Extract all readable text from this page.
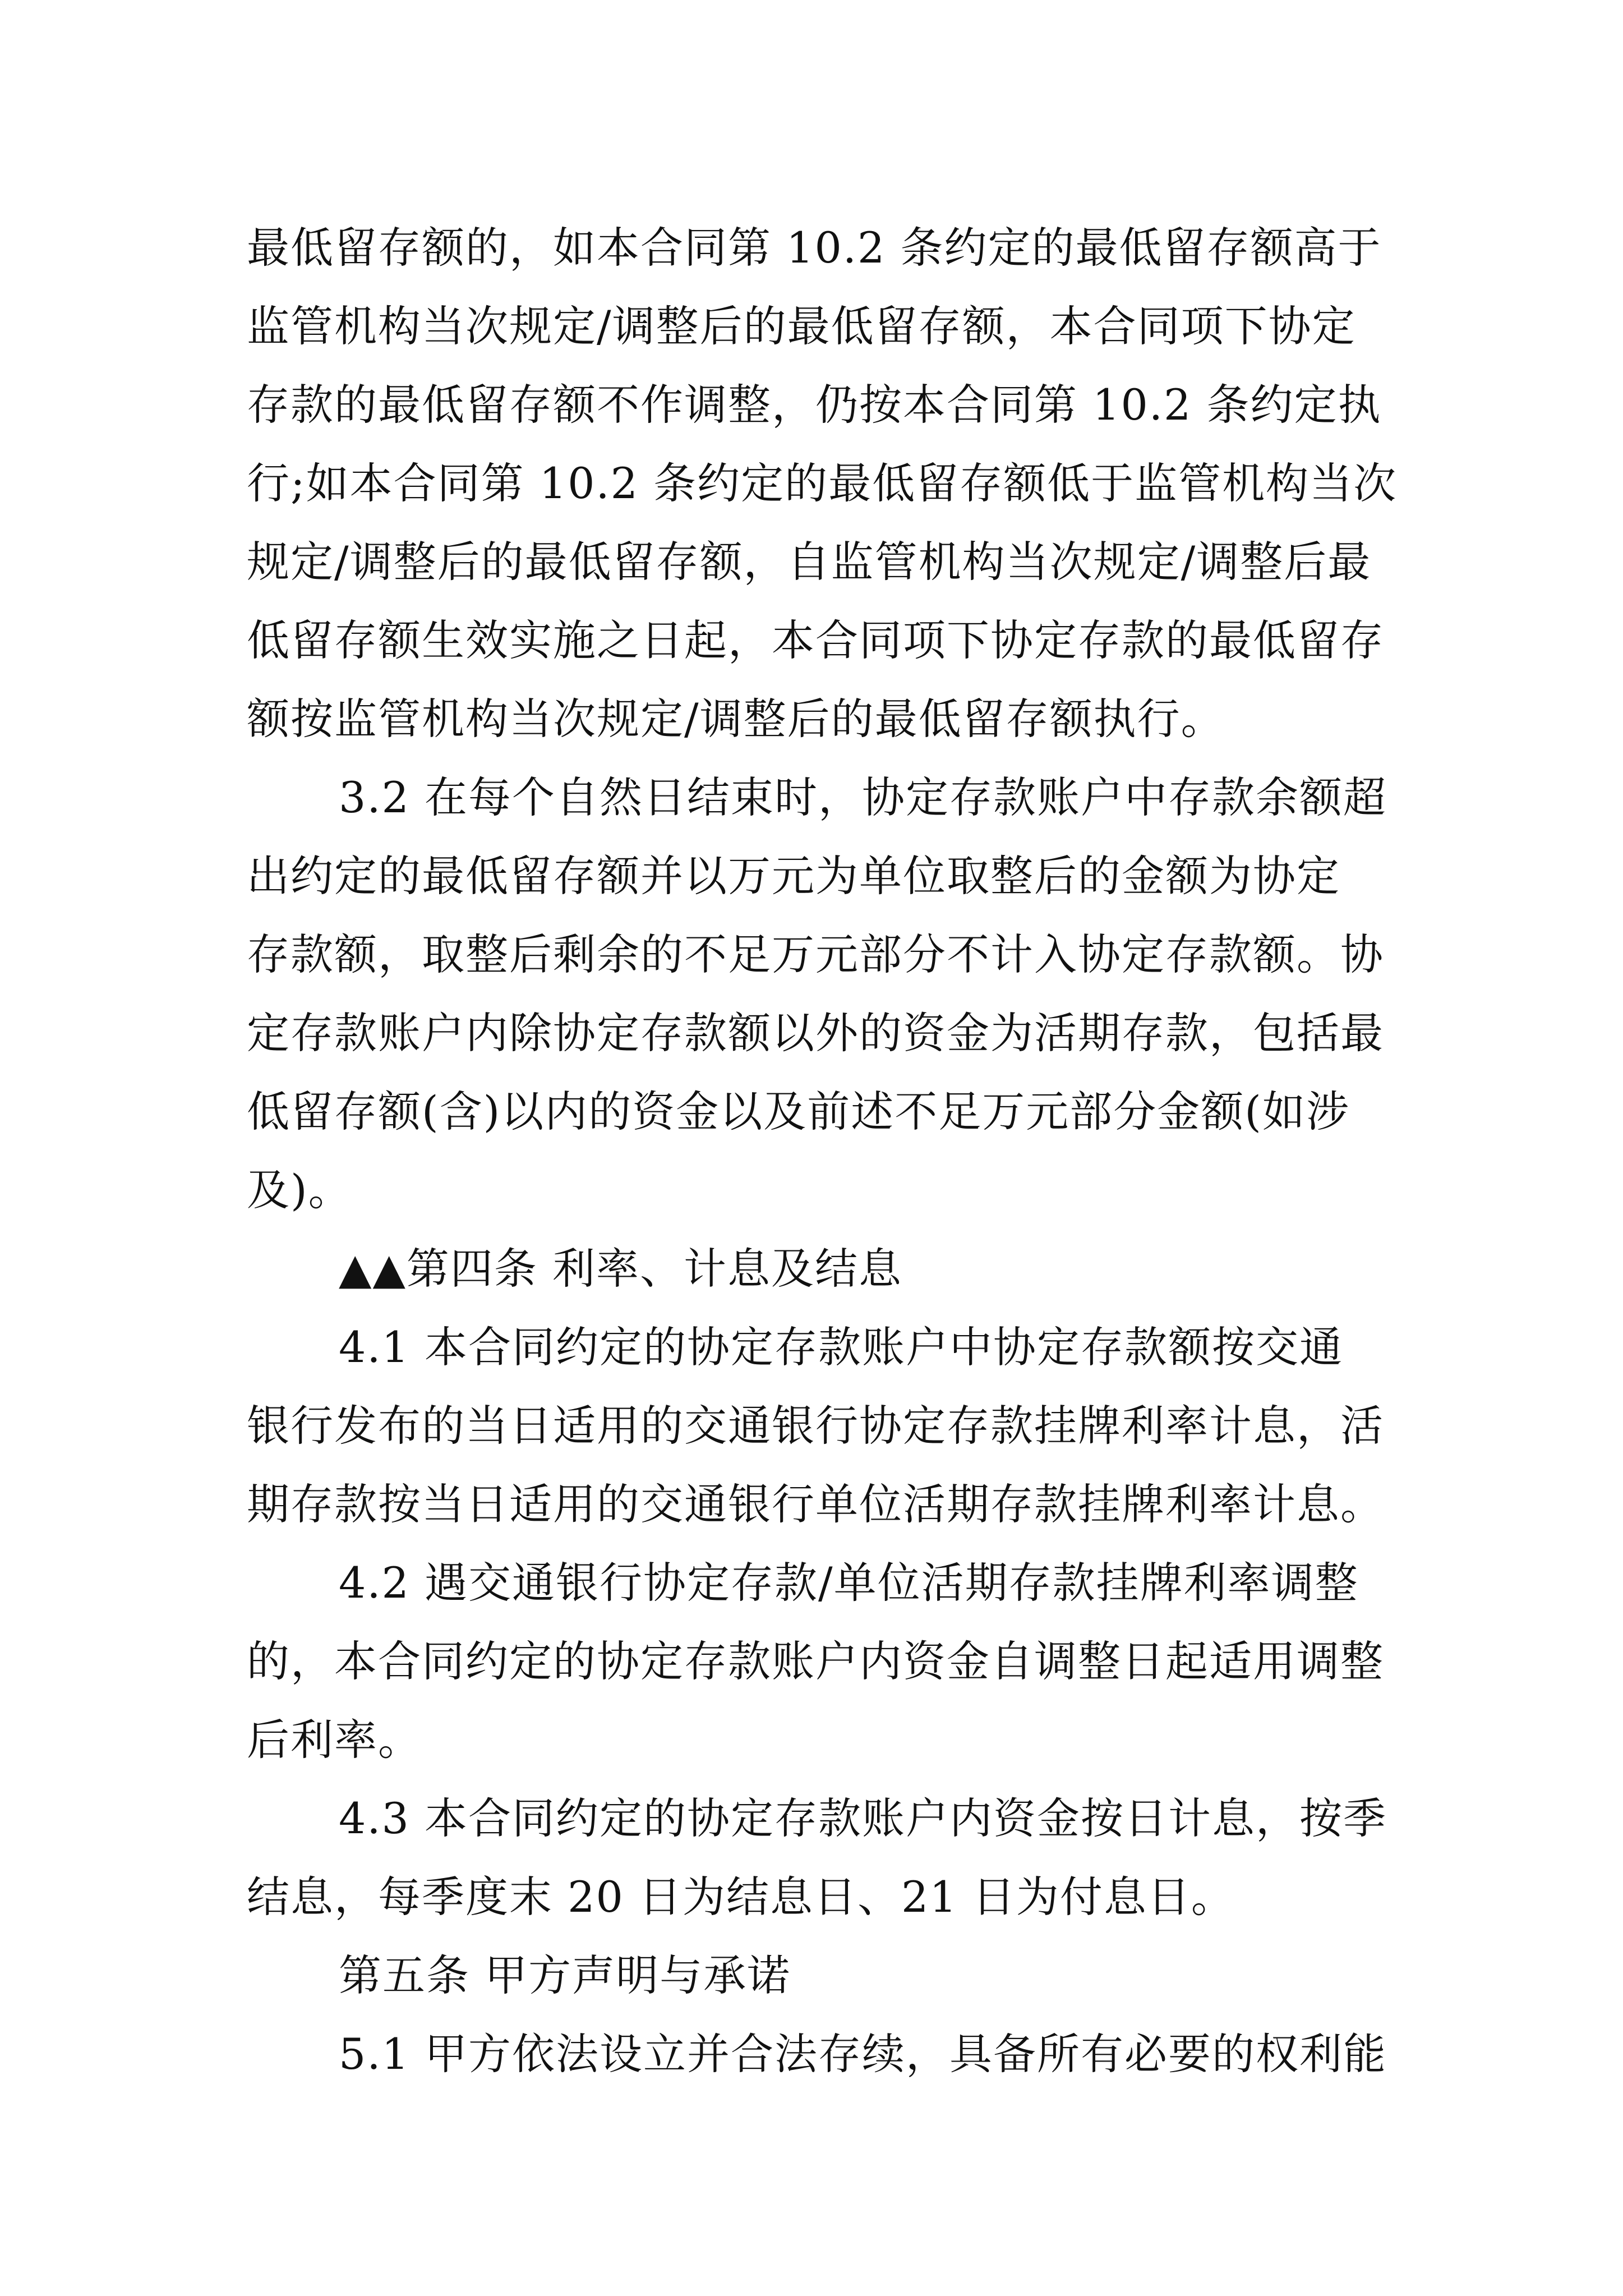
最低留存额的，如本合同第 10.2 条约定的最低留存额高于
监管机构当次规定/调整后的最低留存额，本合同项下协定
存款的最低留存额不作调整，仍按本合同第 10.2 条约定执
行;如本合同第 10.2 条约定的最低留存额低于监管机构当次
规定/调整后的最低留存额，自监管机构当次规定/调整后最
低留存额生效实施之日起，本合同项下协定存款的最低留存
额按监管机构当次规定/调整后的最低留存额执行。
3.2 在每个自然日结束时，协定存款账户中存款余额超
出约定的最低留存额并以万元为单位取整后的金额为协定
存款额，取整后剩余的不足万元部分不计入协定存款额。协
定存款账户内除协定存款额以外的资金为活期存款，包括最
低留存额(含)以内的资金以及前述不足万元部分金额(如涉
及)。
▲▲第四条 利率、计息及结息
4.1 本合同约定的协定存款账户中协定存款额按交通
银行发布的当日适用的交通银行协定存款挂牌利率计息，活
期存款按当日适用的交通银行单位活期存款挂牌利率计息。
4.2 遇交通银行协定存款/单位活期存款挂牌利率调整
的，本合同约定的协定存款账户内资金自调整日起适用调整
后利率。
4.3 本合同约定的协定存款账户内资金按日计息，按季
结息，每季度末 20 日为结息日、21 日为付息日。
第五条 甲方声明与承诺
5.1 甲方依法设立并合法存续，具备所有必要的权利能
